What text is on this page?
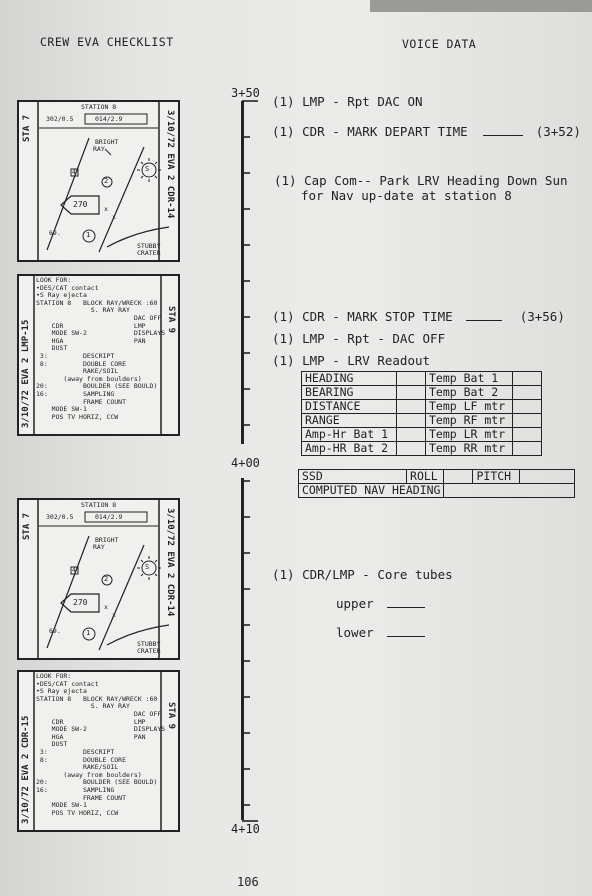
CREW EVA CHECKLIST	VOICE DATA
3+50
4+00
4+10
(1) LMP - Rpt DAC ON
(1) CDR - MARK DEPART TIME	(3+52)
(1) Cap Com-- Park LRV Heading Down Sun
for Nav up-date at station 8
(1) CDR - MARK STOP TIME	(3+56)
(1) LMP - Rpt - DAC OFF
(1) LMP - LRV Readout
HEADING		Temp Bat 1	
BEARING		Temp Bat 2	
DISTANCE		Temp LF mtr	
RANGE		Temp RF mtr	
Amp-Hr Bat 1		Temp LR mtr	
Amp-HR Bat 2		Temp RR mtr	
SSD		ROLL		PITCH	
COMPUTED NAV HEADING					
(1) CDR/LMP - Core tubes
upper
lower
STA 7	3/10/72 EVA 2 CDR-14
STATION 8
302/0.5	014/2.9
BRIGHT
RAY
S
2
1
4
270	x
x
69.
STUBBY
CRATER
3/10/72 EVA 2 LMP-15
STA 9
LOOK FOR:
•DES/CAT contact
•S Ray ejecta
STATION 8   BLOCK RAY/WRECK :60
S. RAY RAY
DAC OFF
CDR                  LMP
MODE SW-2            DISPLAYS
HGA                  PAN
DUST
3:         DESCRIPT
8:         DOUBLE CORE
RAKE/SOIL
(away from boulders)
20:         BOULDER (SEE BOULD)
16:         SAMPLING
FRAME COUNT
MODE SW-1
POS TV HORIZ, CCW
STA 7	3/10/72 EVA 2 CDR-14
STATION 8
302/0.5	014/2.9
BRIGHT
RAY
S
2
1
4
270	x
x
69.
STUBBY
CRATER
3/10/72 EVA 2 CDR-15
STA 9
LOOK FOR:
•DES/CAT contact
•S Ray ejecta
STATION 8   BLOCK RAY/WRECK :60
S. RAY RAY
DAC OFF
CDR                  LMP
MODE SW-2            DISPLAYS
HGA                  PAN
DUST
3:         DESCRIPT
8:         DOUBLE CORE
RAKE/SOIL
(away from boulders)
20:         BOULDER (SEE BOULD)
16:         SAMPLING
FRAME COUNT
MODE SW-1
POS TV HORIZ, CCW
106
